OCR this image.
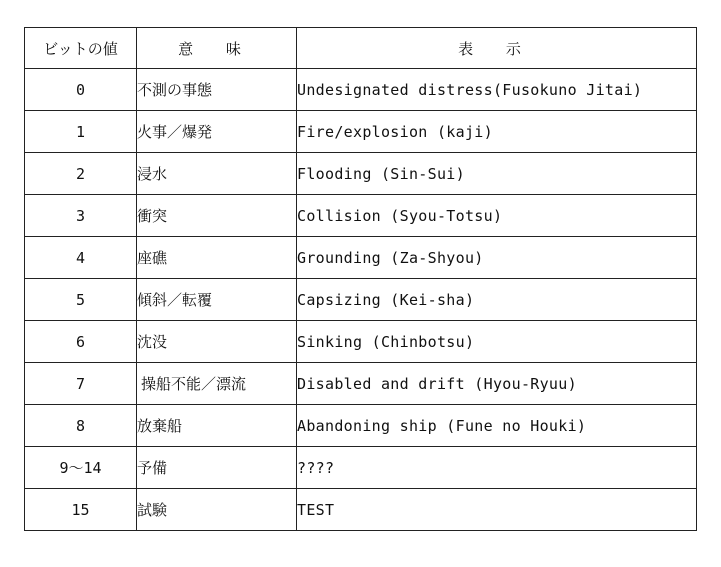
ビットの値	意 味	表 示
0	不測の事態	Undesignated distress(Fusokuno Jitai)
1	火事／爆発	Fire/explosion (kaji)
2	浸水	Flooding (Sin-Sui)
3	衝突	Collision (Syou-Totsu)
4	座礁	Grounding (Za-Shyou)
5	傾斜／転覆	Capsizing (Kei-sha)
6	沈没	Sinking (Chinbotsu)
7	操船不能／漂流	Disabled and drift (Hyou-Ryuu)
8	放棄船	Abandoning ship (Fune no Houki)
9～14	予備	????
15	試験	TEST
